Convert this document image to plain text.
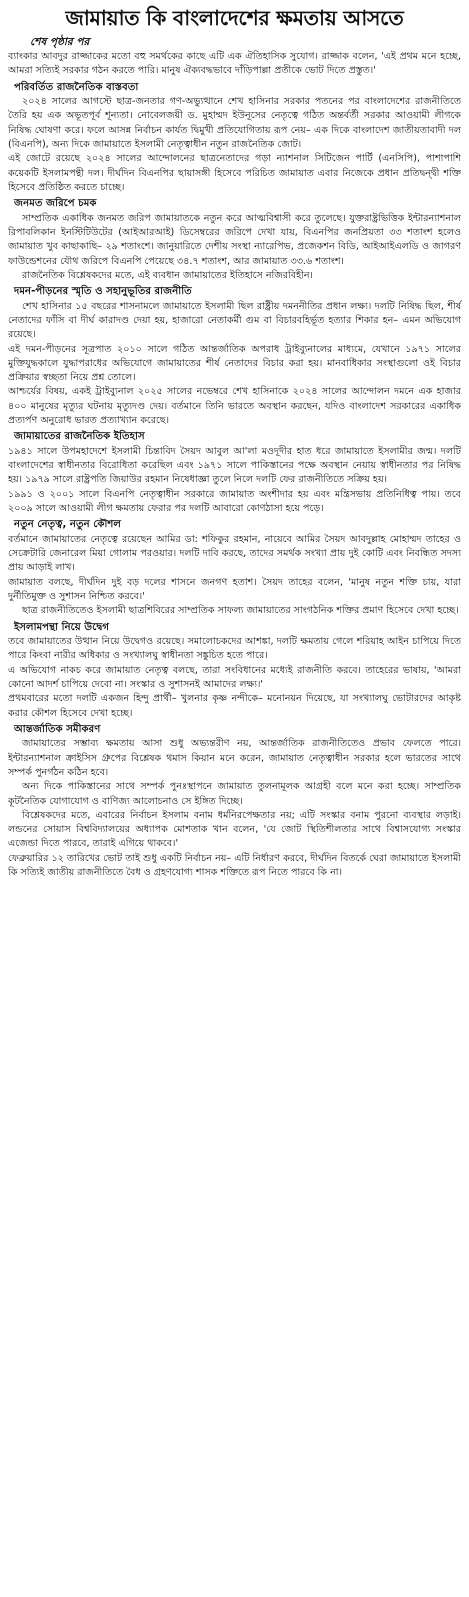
জামায়াত কি বাংলাদেশের ক্ষমতায় আসতে
শেষ পৃষ্ঠার পর

ব্যাংকার আবদুর রাজ্জাকের মতো বহু সমর্থকের কাছে এটি এক ঐতিহাসিক সুযোগ। রাজ্জাক বলেন, 'এই প্রথম মনে হচ্ছে, আমরা সত্যিই সরকার গঠন করতে পারি। মানুষ ঐক্যবদ্ধভাবে দাঁড়িপাল্লা প্রতীকে ভোট দিতে প্রস্তুত।'

পরিবর্তিত রাজনৈতিক বাস্তবতা

২০২৪ সালের আগস্টে ছাত্র-জনতার গণ-অভ্যুত্থানে শেখ হাসিনার সরকার পতনের পর বাংলাদেশের রাজনীতিতে তৈরি হয় এক অভূতপূর্ব শূন্যতা। নোবেলজয়ী ড. মুহাম্মদ ইউনূসের নেতৃত্বে গঠিত অন্তর্বর্তী সরকার আওয়ামী লীগকে নিষিদ্ধ ঘোষণা করে। ফলে আসন্ন নির্বাচন কার্যত দ্বিমুখী প্রতিযোগিতায় রূপ নেয়– এক দিকে বাংলাদেশ জাতীয়তাবাদী দল (বিএনপি), অন্য দিকে জামায়াতে ইসলামী নেতৃত্বাধীন নতুন রাজনৈতিক জোট।

এই জোটে রয়েছে ২০২৪ সালের আন্দোলনের ছাত্রনেতাদের গড়া ন্যাশনাল সিটিজেন পার্টি (এনসিপি), পাশাপাশি কয়েকটি ইসলামপন্থী দল। দীর্ঘদিন বিএনপির ছায়াসঙ্গী হিসেবে পরিচিত জামায়াত এবার নিজেকে প্রধান প্রতিদ্বন্দ্বী শক্তি হিসেবে প্রতিষ্ঠিত করতে চাচ্ছে।

জনমত জরিপে চমক

সাম্প্রতিক একাধিক জনমত জরিপ জামায়াতকে নতুন করে আত্মবিশ্বাসী করে তুলেছে। যুক্তরাষ্ট্রভিত্তিক ইন্টারন্যাশনাল রিপাবলিকান ইনস্টিটিউটের (আইআরআই) ডিসেম্বরের জরিপে দেখা যায়, বিএনপির জনপ্রিয়তা ৩৩ শতাংশ হলেও জামায়াত খুব কাছাকাছি– ২৯ শতাংশে। জানুয়ারিতে দেশীয় সংস্থা ন্যারেপিভ, প্রজেকশন বিডি, আইআইএলডি ও জাগরণ ফাউন্ডেশনের যৌথ জরিপে বিএনপি পেয়েছে ৩৪.৭ শতাংশ, আর জামায়াত ৩৩.৬ শতাংশ।

রাজনৈতিক বিশ্লেষকদের মতে, এই ব্যবধান জামায়াতের ইতিহাসে নজিরবিহীন।

দমন-পীড়নের স্মৃতি ও সহানুভূতির রাজনীতি

শেখ হাসিনার ১৫ বছরের শাসনামলে জামায়াতে ইসলামী ছিল রাষ্ট্রীয় দমননীতির প্রধান লক্ষ্য। দলটি নিষিদ্ধ ছিল, শীর্ষ নেতাদের ফাঁসি বা দীর্ঘ কারাদণ্ড দেয়া হয়, হাজারো নেতাকর্মী গুম বা বিচারবহির্ভূত হত্যার শিকার হন– এমন অভিযোগ রয়েছে।

এই দমন-পীড়নের সূত্রপাত ২০১০ সালে গঠিত আন্তর্জাতিক অপরাধ ট্রাইব্যুনালের মাধ্যমে, যেখানে ১৯৭১ সালের মুক্তিযুদ্ধকালে যুদ্ধাপরাধের অভিযোগে জামায়াতের শীর্ষ নেতাদের বিচার করা হয়। মানবাধিকার সংস্থাগুলো ওই বিচার প্রক্রিয়ার স্বচ্ছতা নিয়ে প্রশ্ন তোলে।

আশ্চর্যের বিষয়, একই ট্রাইব্যুনাল ২০২৫ সালের নভেম্বরে শেখ হাসিনাকে ২০২৪ সালের আন্দোলন দমনে এক হাজার ৪০০ মানুষের মৃত্যুর ঘটনায় মৃত্যুদণ্ড দেয়। বর্তমানে তিনি ভারতে অবস্থান করছেন, যদিও বাংলাদেশ সরকারের একাধিক প্রত্যর্পণ অনুরোধ ভারত প্রত্যাখ্যান করেছে।

জামায়াতের রাজনৈতিক ইতিহাস

১৯৪১ সালে উপমহাদেশে ইসলামী চিন্তাবিদ সৈয়দ আবুল আ'লা মওদূদীর হাত ধরে জামায়াতে ইসলামীর জন্ম। দলটি বাংলাদেশের স্বাধীনতার বিরোধিতা করেছিল এবং ১৯৭১ সালে পাকিস্তানের পক্ষে অবস্থান নেয়ায় স্বাধীনতার পর নিষিদ্ধ হয়। ১৯৭৯ সালে রাষ্ট্রপতি জিয়াউর রহমান নিষেধাজ্ঞা তুলে নিলে দলটি ফের রাজনীতিতে সক্রিয় হয়।

১৯৯১ ও ২০০১ সালে বিএনপি নেতৃত্বাধীন সরকারে জামায়াত অংশীদার হয় এবং মন্ত্রিসভায় প্রতিনিধিত্ব পায়। তবে ২০০৯ সালে আওয়ামী লীগ ক্ষমতায় ফেরার পর দলটি আবারো কোণঠাসা হয়ে পড়ে।

নতুন নেতৃত্ব, নতুন কৌশল

বর্তমানে জামায়াতের নেতৃত্বে রয়েছেন আমির ডা: শফিকুর রহমান, নায়েবে আমির সৈয়দ আবদুল্লাহ মোহাম্মদ তাহের ও সেক্রেটারি জেনারেল মিয়া গোলাম পরওয়ার। দলটি দাবি করছে, তাদের সমর্থক সংখ্যা প্রায় দুই কোটি এবং নিবন্ধিত সদস্য প্রায় আড়াই লাখ।

জামায়াত বলছে, দীর্ঘদিন দুই বড় দলের শাসনে জনগণ হতাশ। সৈয়দ তাহের বলেন, 'মানুষ নতুন শক্তি চায়, যারা দুর্নীতিমুক্ত ও সুশাসন নিশ্চিত করবে।'

ছাত্র রাজনীতিতেও ইসলামী ছাত্রশিবিরের সাম্প্রতিক সাফল্য জামায়াতের সাংগঠনিক শক্তির প্রমাণ হিসেবে দেখা হচ্ছে।

ইসলামপন্থা নিয়ে উদ্বেগ

তবে জামায়াতের উত্থান নিয়ে উদ্বেগও রয়েছে। সমালোচকদের আশঙ্কা, দলটি ক্ষমতায় গেলে শরিয়াহ আইন চাপিয়ে দিতে পারে কিংবা নারীর অধিকার ও সংখ্যালঘু স্বাধীনতা সঙ্কুচিত হতে পারে।

এ অভিযোগ নাকচ করে জামায়াত নেতৃত্ব বলছে, তারা সংবিধানের মধ্যেই রাজনীতি করবে। তাহেরের ভাষায়, 'আমরা কোনো আদর্শ চাপিয়ে দেবো না। সংস্কার ও সুশাসনই আমাদের লক্ষ্য।'

প্রথমবারের মতো দলটি একজন হিন্দু প্রার্থী– খুলনার কৃষ্ণ নন্দীকে– মনোনয়ন দিয়েছে, যা সংখ্যালঘু ভোটারদের আকৃষ্ট করার কৌশল হিসেবে দেখা হচ্ছে।

আন্তর্জাতিক সমীকরণ

জামায়াতের সম্ভাব্য ক্ষমতায় আসা শুধু অভ্যন্তরীণ নয়, আন্তর্জাতিক রাজনীতিতেও প্রভাব ফেলতে পারে। ইন্টারন্যাশনাল ক্রাইসিস গ্রুপের বিশ্লেষক থমাস কিয়ান মনে করেন, জামায়াত নেতৃত্বাধীন সরকার হলে ভারতের সাথে সম্পর্ক পুনর্গঠন কঠিন হবে।

অন্য দিকে পাকিস্তানের সাথে সম্পর্ক পুনঃস্থাপনে জামায়াত তুলনামূলক আগ্রহী বলে মনে করা হচ্ছে। সাম্প্রতিক কূটনৈতিক যোগাযোগ ও বাণিজ্য আলোচনাও সে ইঙ্গিত দিচ্ছে।

বিশ্লেষকদের মতে, এবারের নির্বাচন ইসলাম বনাম ধর্মনিরপেক্ষতার নয়; এটি সংস্কার বনাম পুরনো ব্যবস্থার লড়াই। লন্ডনের সোয়াস বিশ্ববিদ্যালয়ের অধ্যাপক মোশতাক খান বলেন, 'যে জোট স্থিতিশীলতার সাথে বিশ্বাসযোগ্য সংস্কার এজেন্ডা দিতে পারবে, তারাই এগিয়ে থাকবে।'

ফেব্রুয়ারির ১২ তারিখের ভোট তাই শুধু একটি নির্বাচন নয়– এটি নির্ধারণ করবে, দীর্ঘদিন বিতর্কে ঘেরা জামায়াতে ইসলামী কি সত্যিই জাতীয় রাজনীতিতে বৈধ ও গ্রহণযোগ্য শাসক শক্তিতে রূপ নিতে পারবে কি না।
